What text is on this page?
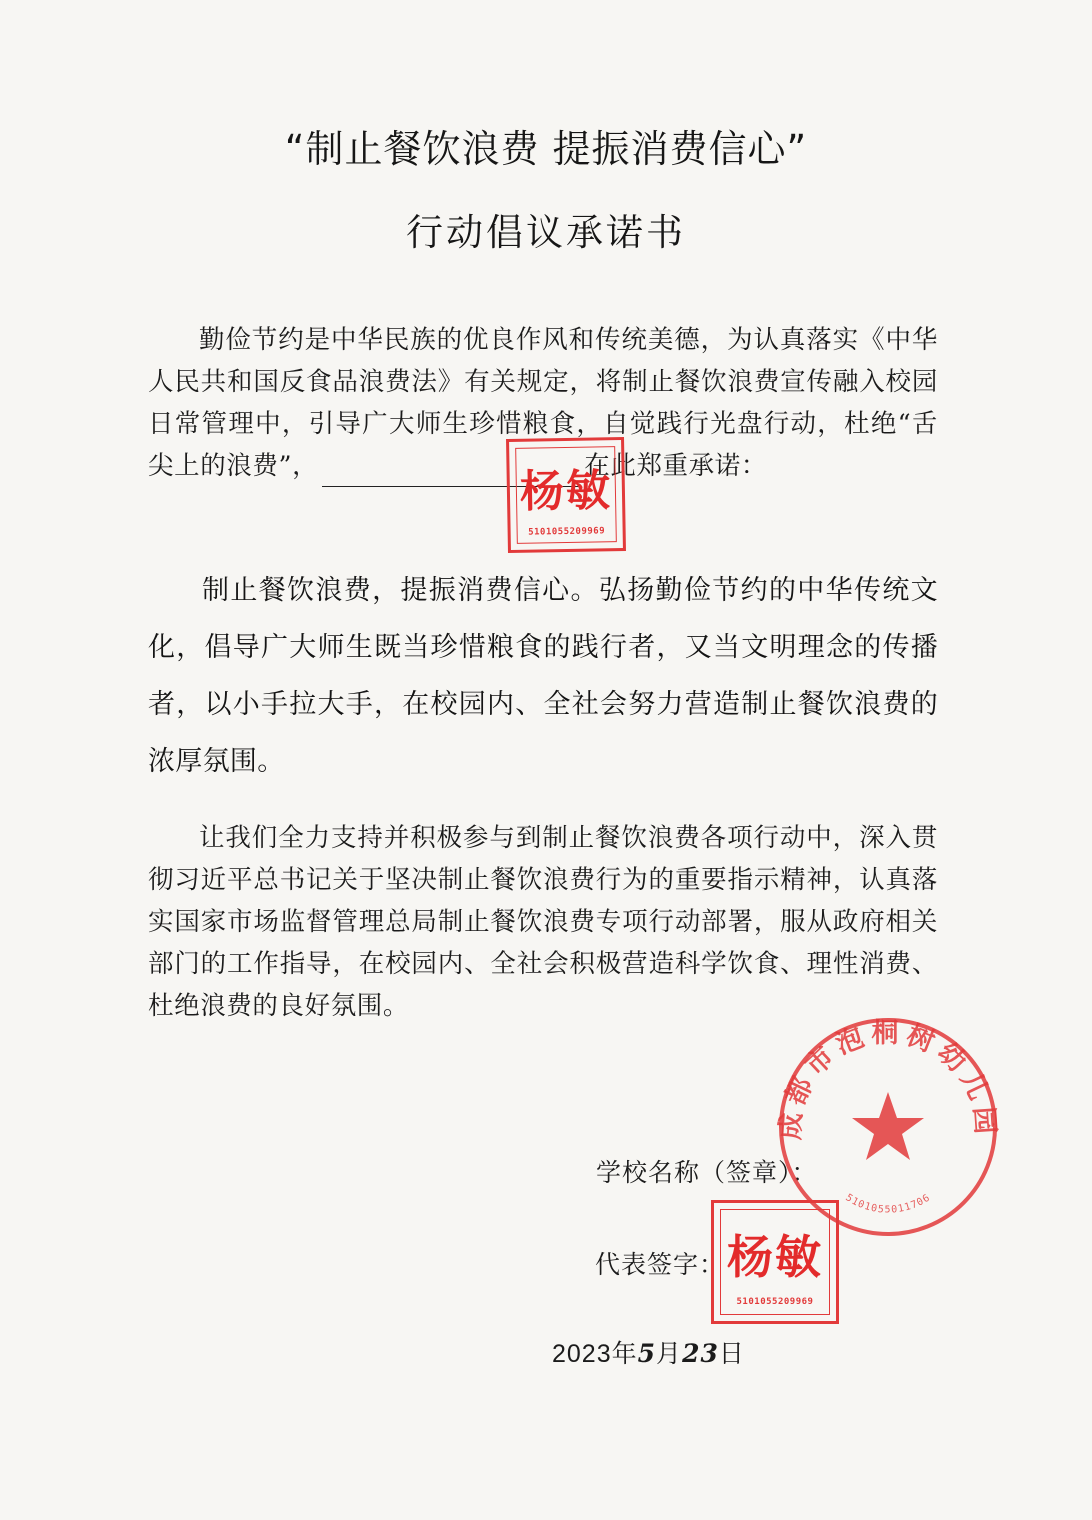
“制止餐饮浪费 提振消费信心”
行动倡议承诺书
勤俭节约是中华民族的优良作风和传统美德，为认真落实《中华人民共和国反食品浪费法》有关规定，将制止餐饮浪费宣传融入校园日常管理中，引导广大师生珍惜粮食，自觉践行光盘行动，杜绝“舌尖上的浪费”，	在此郑重承诺：
制止餐饮浪费，提振消费信心。弘扬勤俭节约的中华传统文化，倡导广大师生既当珍惜粮食的践行者，又当文明理念的传播者，以小手拉大手，在校园内、全社会努力营造制止餐饮浪费的浓厚氛围。
让我们全力支持并积极参与到制止餐饮浪费各项行动中，深入贯彻习近平总书记关于坚决制止餐饮浪费行为的重要指示精神，认真落实国家市场监督管理总局制止餐饮浪费专项行动部署，服从政府相关部门的工作指导，在校园内、全社会积极营造科学饮食、理性消费、杜绝浪费的良好氛围。
学校名称（签章）：
代表签字：
2023年5月23日
杨敏
5101055209969
成都市泡桐树幼儿园
5101055011706
杨敏
5101055209969
